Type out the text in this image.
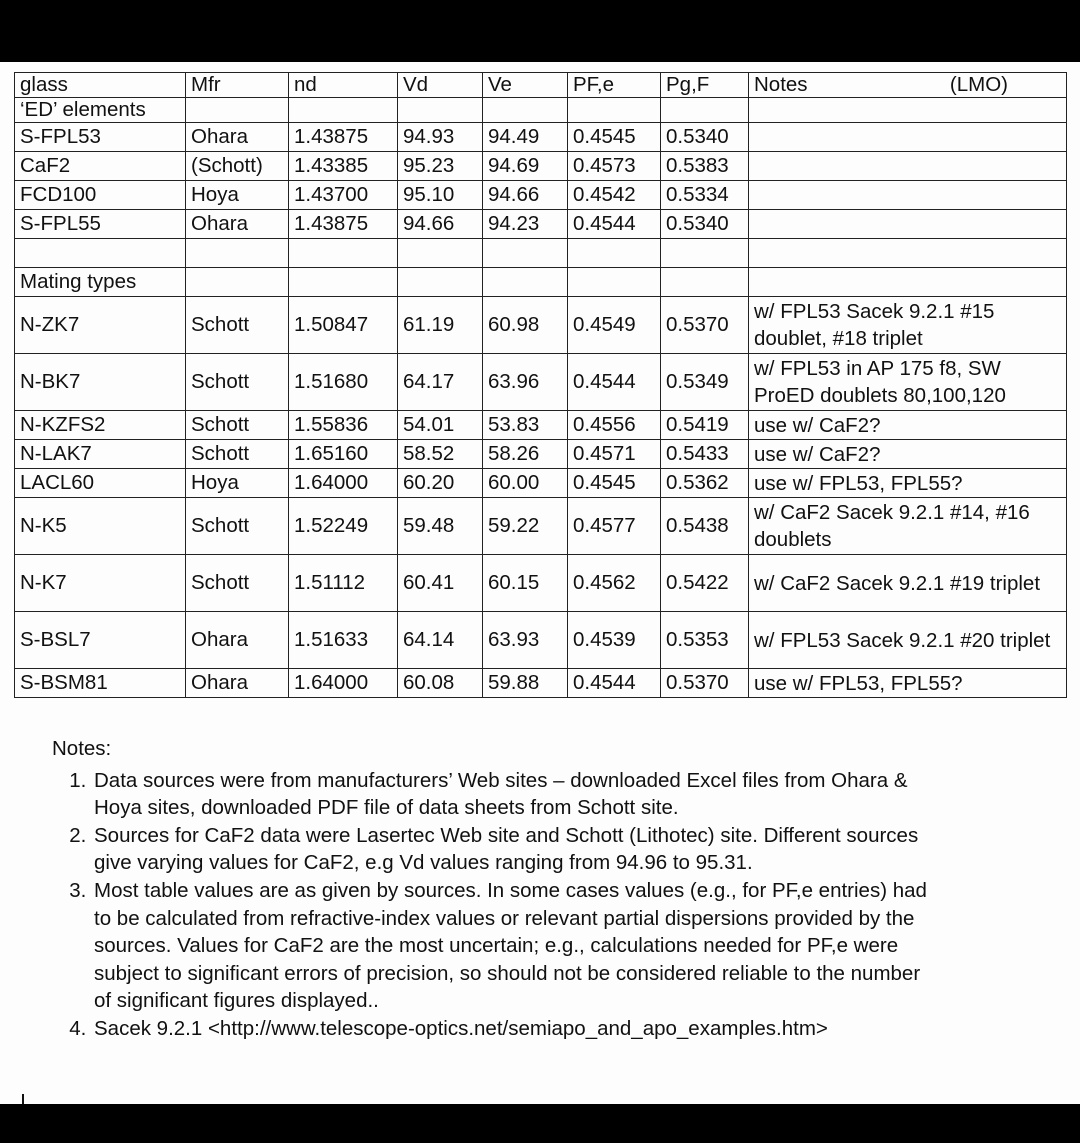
glass	Mfr	nd	Vd	Ve	PF,e	Pg,F	Notes (LMO)

‘ED’ elements							
S-FPL53	Ohara	1.43875	94.93	94.49	0.4545	0.5340	
CaF2	(Schott)	1.43385	95.23	94.69	0.4573	0.5383	
FCD100	Hoya	1.43700	95.10	94.66	0.4542	0.5334	
S-FPL55	Ohara	1.43875	94.66	94.23	0.4544	0.5340	

Mating types							
N-ZK7	Schott	1.50847	61.19	60.98	0.4549	0.5370	w/ FPL53 Sacek 9.2.1 #15 doublet, #18 triplet
N-BK7	Schott	1.51680	64.17	63.96	0.4544	0.5349	w/ FPL53 in AP 175 f8, SW ProED doublets 80,100,120
N-KZFS2	Schott	1.55836	54.01	53.83	0.4556	0.5419	use w/ CaF2?
N-LAK7	Schott	1.65160	58.52	58.26	0.4571	0.5433	use w/ CaF2?
LACL60	Hoya	1.64000	60.20	60.00	0.4545	0.5362	use w/ FPL53, FPL55?
N-K5	Schott	1.52249	59.48	59.22	0.4577	0.5438	w/ CaF2 Sacek 9.2.1 #14, #16 doublets
N-K7	Schott	1.51112	60.41	60.15	0.4562	0.5422	w/ CaF2 Sacek 9.2.1 #19 triplet
S-BSL7	Ohara	1.51633	64.14	63.93	0.4539	0.5353	w/ FPL53 Sacek 9.2.1 #20 triplet
S-BSM81	Ohara	1.64000	60.08	59.88	0.4544	0.5370	use w/ FPL53, FPL55?
Notes:
1. Data sources were from manufacturers’ Web sites – downloaded Excel files from Ohara & Hoya sites, downloaded PDF file of data sheets from Schott site.
2. Sources for CaF2 data were Lasertec Web site and Schott (Lithotec) site. Different sources give varying values for CaF2, e.g Vd values ranging from 94.96 to 95.31.
3. Most table values are as given by sources. In some cases values (e.g., for PF,e entries) had to be calculated from refractive-index values or relevant partial dispersions provided by the sources. Values for CaF2 are the most uncertain; e.g., calculations needed for PF,e were subject to significant errors of precision, so should not be considered reliable to the number of significant figures displayed..
4. Sacek 9.2.1 <http://www.telescope-optics.net/semiapo_and_apo_examples.htm>
